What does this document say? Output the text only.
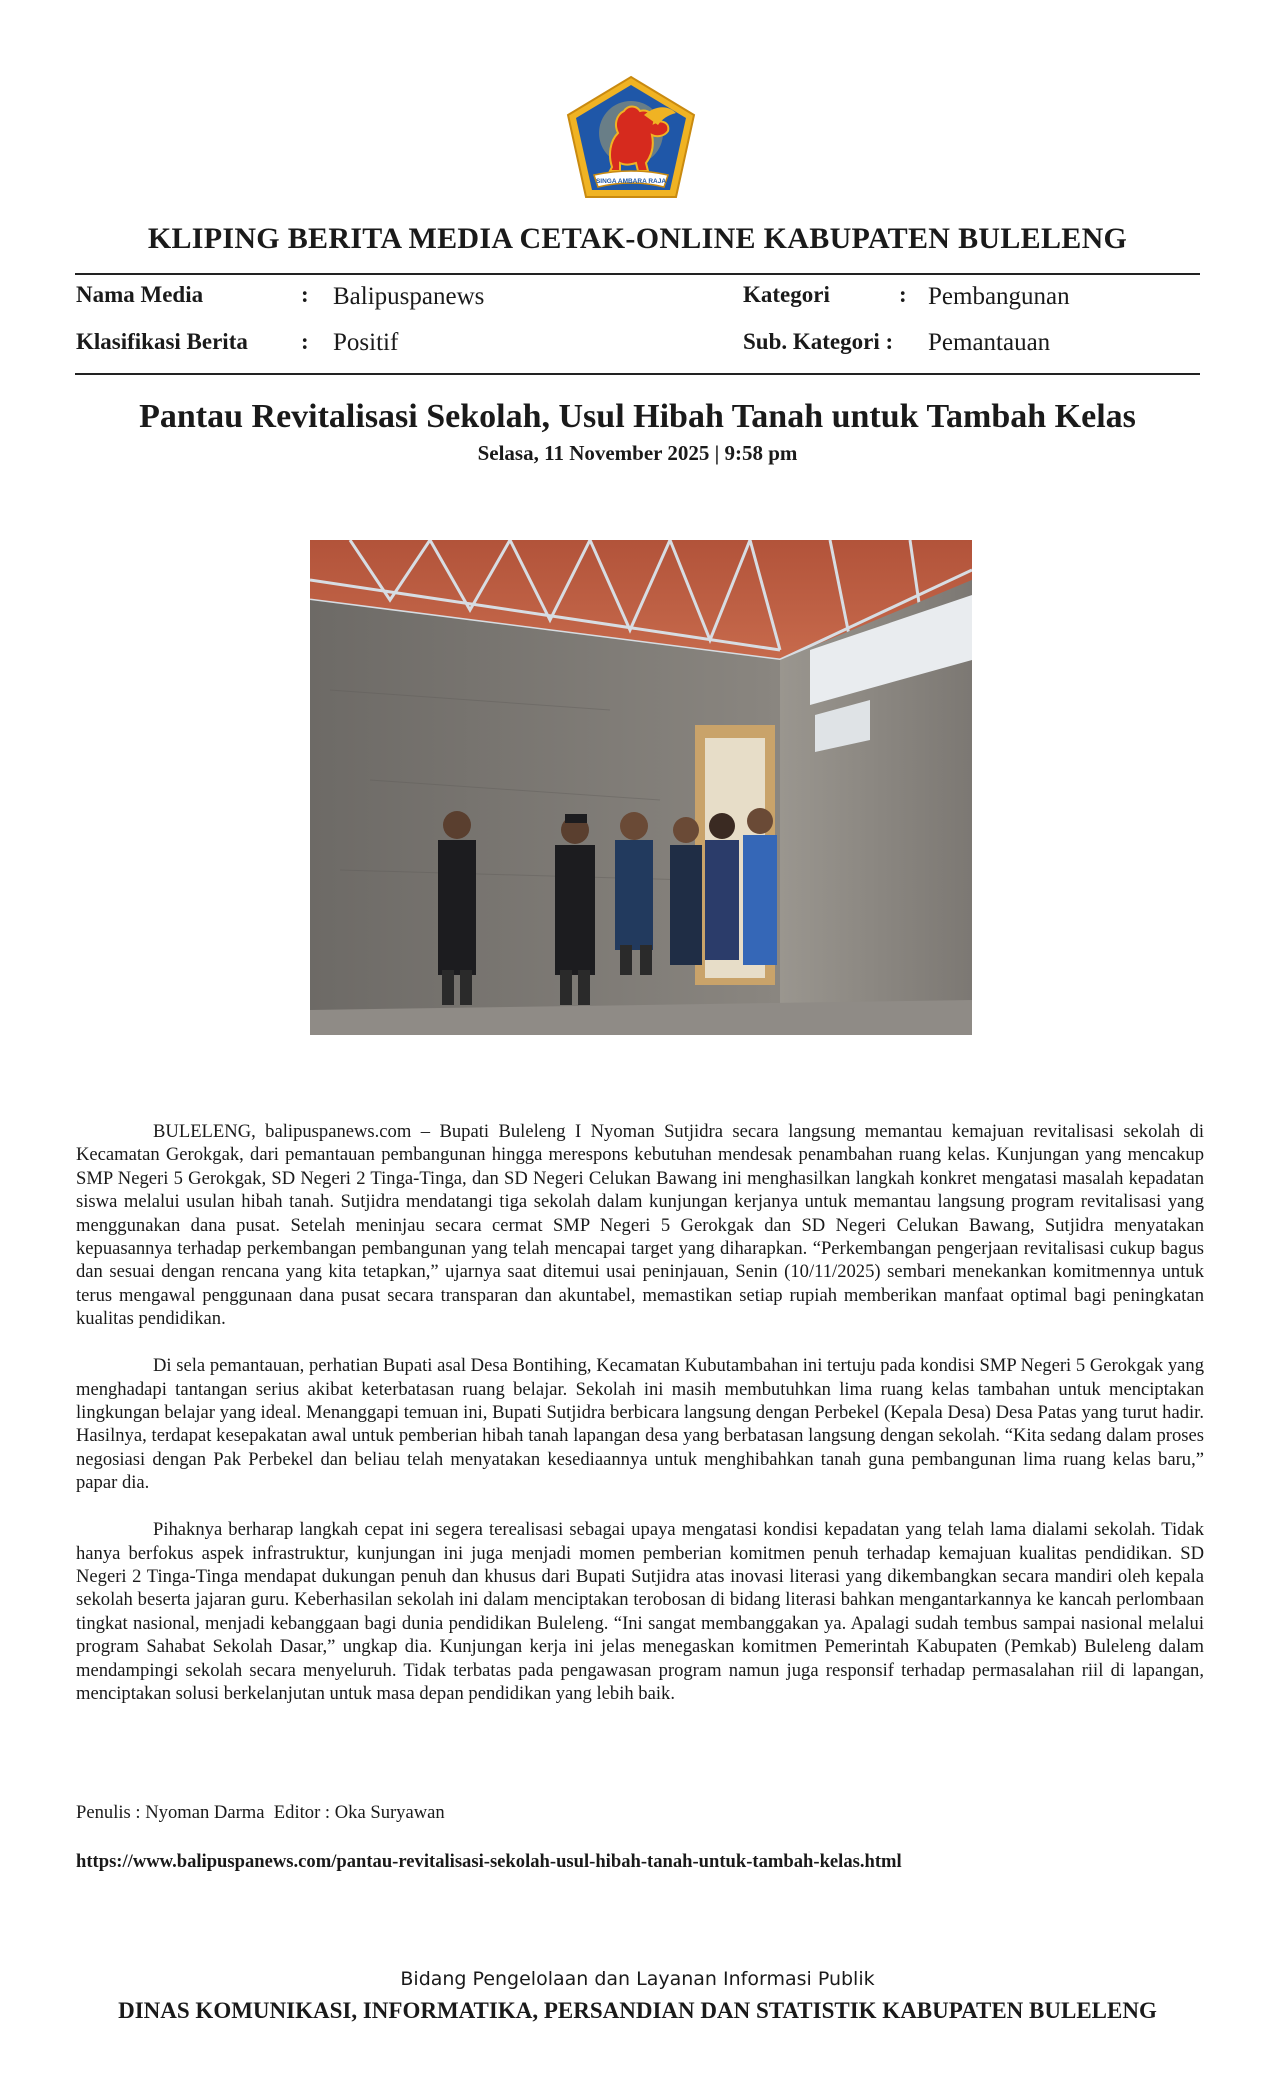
SINGA AMBARA RAJA
KLIPING BERITA MEDIA CETAK-ONLINE KABUPATEN BULELENG
Nama Media	: Balipuspanews	Kategori	: Pembangunan
Klasifikasi Berita : Positif	Sub. Kategori : Pemantauan
Pantau Revitalisasi Sekolah, Usul Hibah Tanah untuk Tambah Kelas
Selasa, 11 November 2025 | 9:58 pm

BULELENG, balipuspanews.com – Bupati Buleleng I Nyoman Sutjidra secara langsung memantau kemajuan revitalisasi sekolah di Kecamatan Gerokgak, dari pemantauan pembangunan hingga merespons kebutuhan mendesak penambahan ruang kelas. Kunjungan yang mencakup SMP Negeri 5 Gerokgak, SD Negeri 2 Tinga-Tinga, dan SD Negeri Celukan Bawang ini menghasilkan langkah konkret mengatasi masalah kepadatan siswa melalui usulan hibah tanah. Sutjidra mendatangi tiga sekolah dalam kunjungan kerjanya untuk memantau langsung program revitalisasi yang menggunakan dana pusat. Setelah meninjau secara cermat SMP Negeri 5 Gerokgak dan SD Negeri Celukan Bawang, Sutjidra menyatakan kepuasannya terhadap perkembangan pembangunan yang telah mencapai target yang diharapkan. “Perkembangan pengerjaan revitalisasi cukup bagus dan sesuai dengan rencana yang kita tetapkan,” ujarnya saat ditemui usai peninjauan, Senin (10/11/2025) sembari menekankan komitmennya untuk terus mengawal penggunaan dana pusat secara transparan dan akuntabel, memastikan setiap rupiah memberikan manfaat optimal bagi peningkatan kualitas pendidikan.

Di sela pemantauan, perhatian Bupati asal Desa Bontihing, Kecamatan Kubutambahan ini tertuju pada kondisi SMP Negeri 5 Gerokgak yang menghadapi tantangan serius akibat keterbatasan ruang belajar. Sekolah ini masih membutuhkan lima ruang kelas tambahan untuk menciptakan lingkungan belajar yang ideal. Menanggapi temuan ini, Bupati Sutjidra berbicara langsung dengan Perbekel (Kepala Desa) Desa Patas yang turut hadir. Hasilnya, terdapat kesepakatan awal untuk pemberian hibah tanah lapangan desa yang berbatasan langsung dengan sekolah. “Kita sedang dalam proses negosiasi dengan Pak Perbekel dan beliau telah menyatakan kesediaannya untuk menghibahkan tanah guna pembangunan lima ruang kelas baru,” papar dia.

Pihaknya berharap langkah cepat ini segera terealisasi sebagai upaya mengatasi kondisi kepadatan yang telah lama dialami sekolah. Tidak hanya berfokus aspek infrastruktur, kunjungan ini juga menjadi momen pemberian komitmen penuh terhadap kemajuan kualitas pendidikan. SD Negeri 2 Tinga-Tinga mendapat dukungan penuh dan khusus dari Bupati Sutjidra atas inovasi literasi yang dikembangkan secara mandiri oleh kepala sekolah beserta jajaran guru. Keberhasilan sekolah ini dalam menciptakan terobosan di bidang literasi bahkan mengantarkannya ke kancah perlombaan tingkat nasional, menjadi kebanggaan bagi dunia pendidikan Buleleng. “Ini sangat membanggakan ya. Apalagi sudah tembus sampai nasional melalui program Sahabat Sekolah Dasar,” ungkap dia. Kunjungan kerja ini jelas menegaskan komitmen Pemerintah Kabupaten (Pemkab) Buleleng dalam mendampingi sekolah secara menyeluruh. Tidak terbatas pada pengawasan program namun juga responsif terhadap permasalahan riil di lapangan, menciptakan solusi berkelanjutan untuk masa depan pendidikan yang lebih baik.

Penulis : Nyoman Darma  Editor : Oka Suryawan
https://www.balipuspanews.com/pantau-revitalisasi-sekolah-usul-hibah-tanah-untuk-tambah-kelas.html
Bidang Pengelolaan dan Layanan Informasi Publik
DINAS KOMUNIKASI, INFORMATIKA, PERSANDIAN DAN STATISTIK KABUPATEN BULELENG
